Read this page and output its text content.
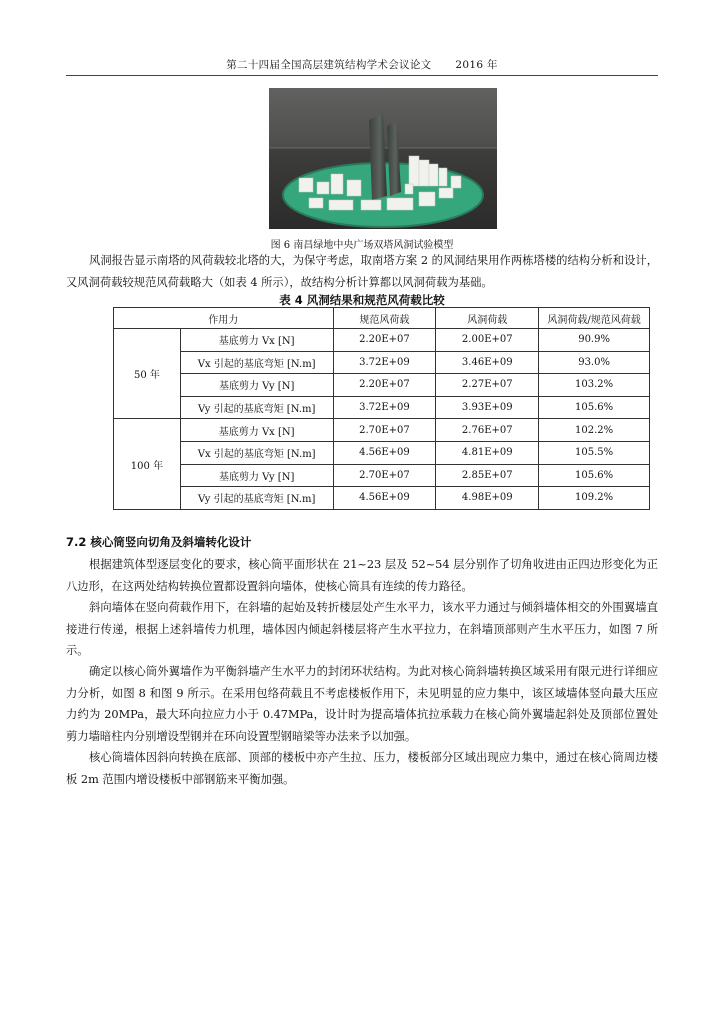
第二十四届全国高层建筑结构学术会议论文 2016 年
图 6 南昌绿地中央广场双塔风洞试验模型

风洞报告显示南塔的风荷载较北塔的大，为保守考虑，取南塔方案 2 的风洞结果用作两栋塔楼的结构分析和设计，又风洞荷载较规范风荷载略大（如表 4 所示），故结构分析计算都以风洞荷载为基础。

表 4 风洞结果和规范风荷载比较
作用力		规范风荷载	风洞荷载	风洞荷载/规范风荷载
50 年	基底剪力 Vx [N]	2.20E+07	2.00E+07	90.9%
	Vx 引起的基底弯矩 [N.m]	3.72E+09	3.46E+09	93.0%
	基底剪力 Vy [N]	2.20E+07	2.27E+07	103.2%
	Vy 引起的基底弯矩 [N.m]	3.72E+09	3.93E+09	105.6%
100 年	基底剪力 Vx [N]	2.70E+07	2.76E+07	102.2%
	Vx 引起的基底弯矩 [N.m]	4.56E+09	4.81E+09	105.5%
	基底剪力 Vy [N]	2.70E+07	2.85E+07	105.6%
	Vy 引起的基底弯矩 [N.m]	4.56E+09	4.98E+09	109.2%
7.2 核心筒竖向切角及斜墙转化设计

根据建筑体型逐层变化的要求，核心筒平面形状在 21~23 层及 52~54 层分别作了切角收进由正四边形变化为正八边形，在这两处结构转换位置都设置斜向墙体，使核心筒具有连续的传力路径。

斜向墙体在竖向荷载作用下，在斜墙的起始及转折楼层处产生水平力，该水平力通过与倾斜墙体相交的外围翼墙直接进行传递，根据上述斜墙传力机理，墙体因内倾起斜楼层将产生水平拉力，在斜墙顶部则产生水平压力，如图 7 所示。

确定以核心筒外翼墙作为平衡斜墙产生水平力的封闭环状结构。为此对核心筒斜墙转换区域采用有限元进行详细应力分析，如图 8 和图 9 所示。在采用包络荷载且不考虑楼板作用下，未见明显的应力集中，该区域墙体竖向最大压应力约为 20MPa，最大环向拉应力小于 0.47MPa，设计时为提高墙体抗拉承载力在核心筒外翼墙起斜处及顶部位置处剪力墙暗柱内分别增设型钢并在环向设置型钢暗梁等办法来予以加强。

核心筒墙体因斜向转换在底部、顶部的楼板中亦产生拉、压力，楼板部分区域出现应力集中，通过在核心筒周边楼板 2m 范围内增设楼板中部钢筋来平衡加强。
